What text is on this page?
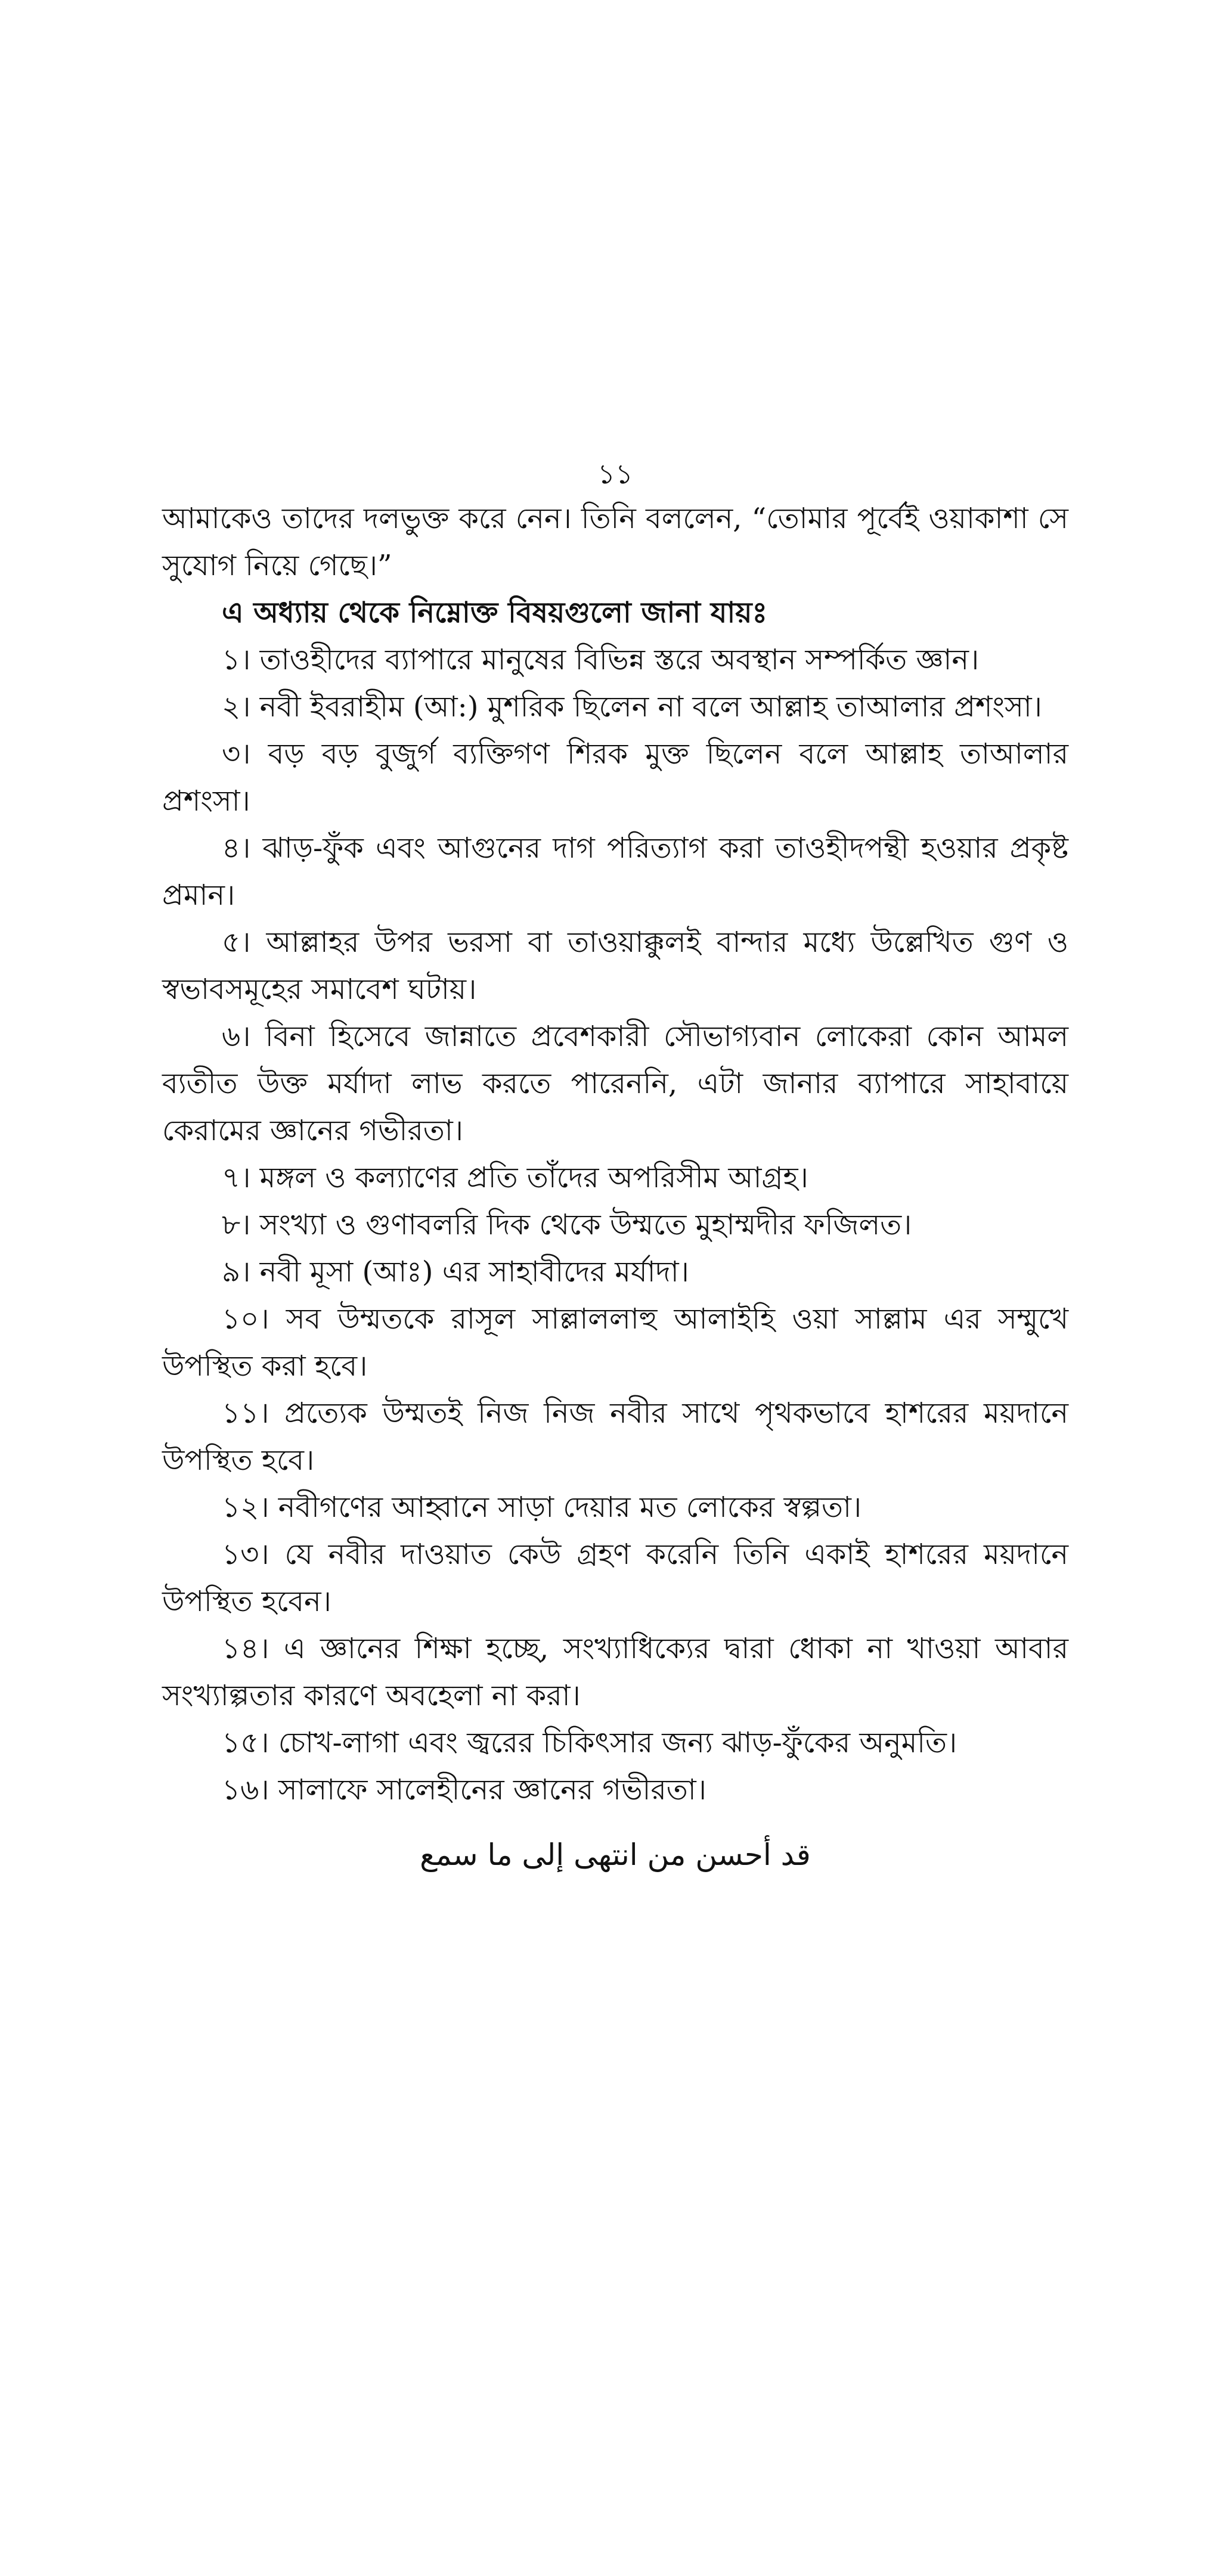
১১

আমাকেও তাদের দলভুক্ত করে নেন। তিনি বললেন, “তোমার পূর্বেই ওয়াকাশা সে সুযোগ নিয়ে গেছে।”

এ অধ্যায় থেকে নিম্নোক্ত বিষয়গুলো জানা যায়ঃ

১। তাওহীদের ব্যাপারে মানুষের বিভিন্ন স্তরে অবস্থান সম্পর্কিত জ্ঞান।

২। নবী ইবরাহীম (আ:) মুশরিক ছিলেন না বলে আল্লাহ তাআলার প্রশংসা।

৩। বড় বড় বুজুর্গ ব্যক্তিগণ শিরক মুক্ত ছিলেন বলে আল্লাহ তাআলার প্রশংসা।

৪। ঝাড়-ফুঁক এবং আগুনের দাগ পরিত্যাগ করা তাওহীদপন্থী হওয়ার প্রকৃষ্ট প্রমান।

৫। আল্লাহর উপর ভরসা বা তাওয়াক্কুলই বান্দার মধ্যে উল্লেখিত গুণ ও স্বভাবসমূহের সমাবেশ ঘটায়।

৬। বিনা হিসেবে জান্নাতে প্রবেশকারী সৌভাগ্যবান লোকেরা কোন আমল ব্যতীত উক্ত মর্যাদা লাভ করতে পারেননি, এটা জানার ব্যাপারে সাহাবায়ে কেরামের জ্ঞানের গভীরতা।

৭। মঙ্গল ও কল্যাণের প্রতি তাঁদের অপরিসীম আগ্রহ।

৮। সংখ্যা ও গুণাবলরি দিক থেকে উম্মতে মুহাম্মদীর ফজিলত।

৯। নবী মূসা (আঃ) এর সাহাবীদের মর্যাদা।

১০। সব উম্মতকে রাসূল সাল্লাললাহু আলাইহি ওয়া সাল্লাম এর সম্মুখে উপস্থিত করা হবে।

১১। প্রত্যেক উম্মতই নিজ নিজ নবীর সাথে পৃথকভাবে হাশরের ময়দানে উপস্থিত হবে।

১২। নবীগণের আহ্বানে সাড়া দেয়ার মত লোকের স্বল্পতা।

১৩। যে নবীর দাওয়াত কেউ গ্রহণ করেনি তিনি একাই হাশরের ময়দানে উপস্থিত হবেন।

১৪। এ জ্ঞানের শিক্ষা হচ্ছে, সংখ্যাধিক্যের দ্বারা ধোকা না খাওয়া আবার সংখ্যাল্পতার কারণে অবহেলা না করা।

১৫। চোখ-লাগা এবং জ্বরের চিকিৎসার জন্য ঝাড়-ফুঁকের অনুমতি।

১৬। সালাফে সালেহীনের জ্ঞানের গভীরতা।

قد أحسن من انتهى إلى ما سمع
